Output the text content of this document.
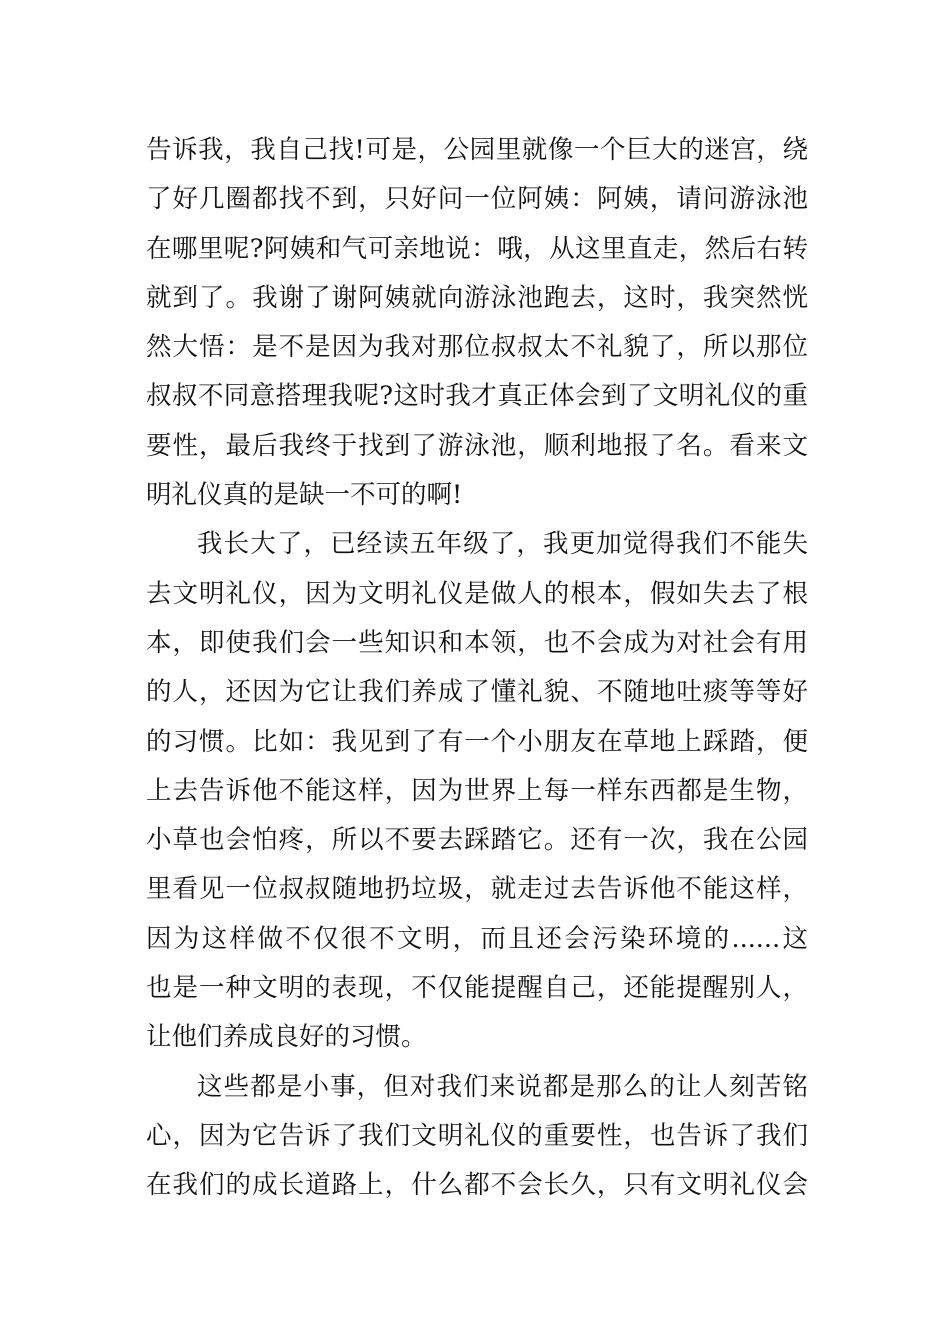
告诉我，我自己找!可是，公园里就像一个巨大的迷宫，绕
了好几圈都找不到，只好问一位阿姨：阿姨，请问游泳池
在哪里呢?阿姨和气可亲地说：哦，从这里直走，然后右转
就到了。我谢了谢阿姨就向游泳池跑去，这时，我突然恍
然大悟：是不是因为我对那位叔叔太不礼貌了，所以那位
叔叔不同意搭理我呢?这时我才真正体会到了文明礼仪的重
要性，最后我终于找到了游泳池，顺利地报了名。看来文
明礼仪真的是缺一不可的啊!
我长大了，已经读五年级了，我更加觉得我们不能失
去文明礼仪，因为文明礼仪是做人的根本，假如失去了根
本，即使我们会一些知识和本领，也不会成为对社会有用
的人，还因为它让我们养成了懂礼貌、不随地吐痰等等好
的习惯。比如：我见到了有一个小朋友在草地上踩踏，便
上去告诉他不能这样，因为世界上每一样东西都是生物，
小草也会怕疼，所以不要去踩踏它。还有一次，我在公园
里看见一位叔叔随地扔垃圾，就走过去告诉他不能这样，
因为这样做不仅很不文明，而且还会污染环境的......这
也是一种文明的表现，不仅能提醒自己，还能提醒别人，
让他们养成良好的习惯。
这些都是小事，但对我们来说都是那么的让人刻苦铭
心，因为它告诉了我们文明礼仪的重要性，也告诉了我们
在我们的成长道路上，什么都不会长久，只有文明礼仪会
